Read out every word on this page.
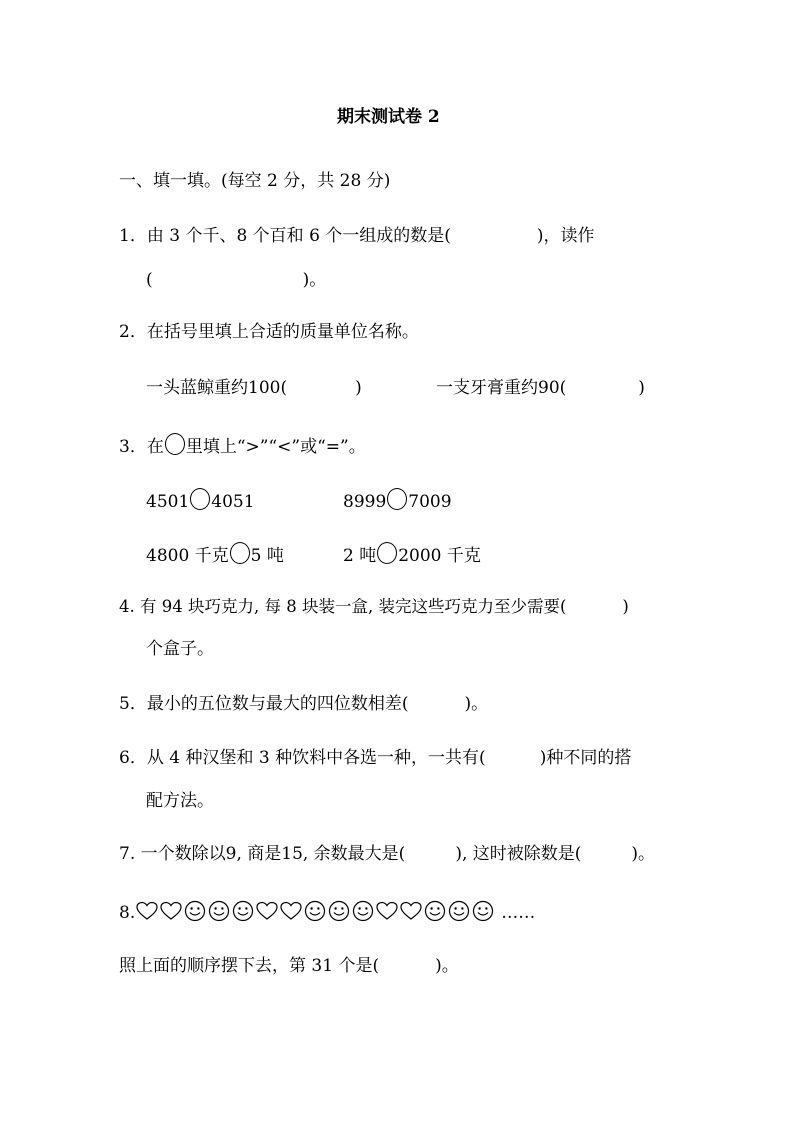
期末测试卷 2
一、填一填。(每空 2 分，共 28 分)
1．由 3 个千、8 个百和 6 个一组成的数是(	)，读作
(	)。
2．在括号里填上合适的质量单位名称。
一头蓝鲸重约100(	)	一支牙膏重约90(	)
3．在 里填上“>”“<”或“=”。
4501 4051	8999 7009
4800 千克 5 吨	2 吨 2000 千克
4. 有 94 块巧克力, 每 8 块装一盒, 装完这些巧克力至少需要(	)
个盒子。
5．最小的五位数与最大的四位数相差(	)。
6．从 4 种汉堡和 3 种饮料中各选一种，一共有(	)种不同的搭
配方法。
7. 一个数除以9, 商是15, 余数最大是(	), 这时被除数是(	)。
8.	……
照上面的顺序摆下去，第 31 个是(	)。
